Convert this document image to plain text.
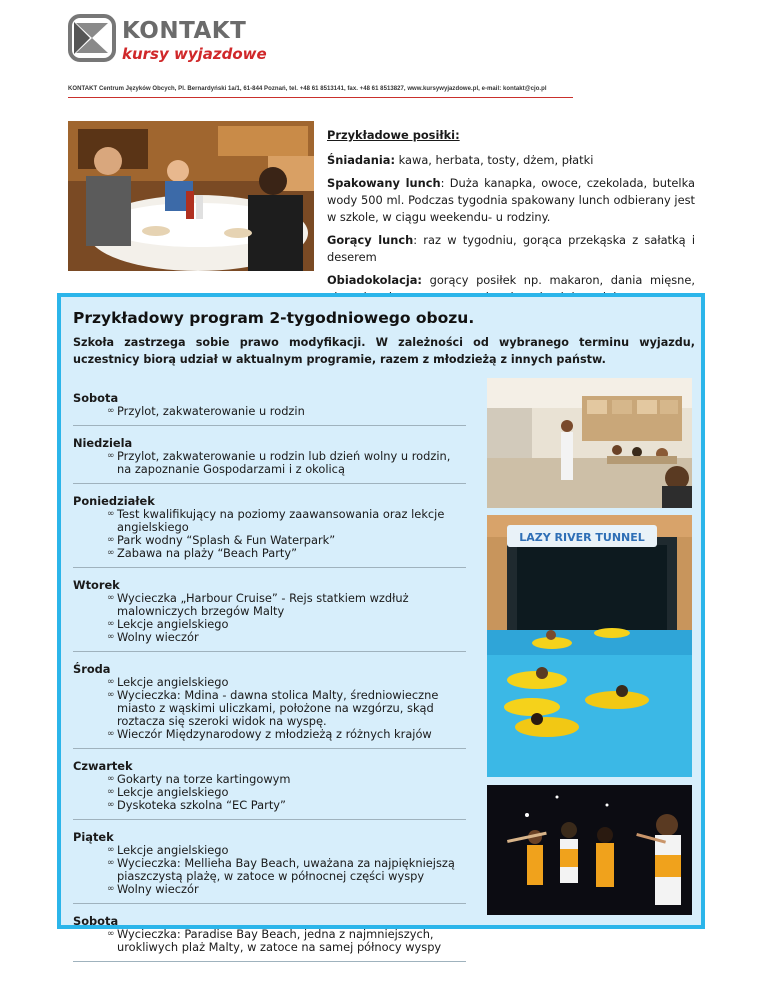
KONTAKT
kursy wyjazdowe
KONTAKT Centrum Języków Obcych, Pl. Bernardyński 1a/1, 61-844 Poznań, tel. +48 61 8513141, fax. +48 61 8513827, www.kursywyjazdowe.pl, e-mail: kontakt@cjo.pl
Przykładowe posiłki:
Śniadania: kawa, herbata, tosty, dżem, płatki
Spakowany lunch: Duża kanapka, owoce, czekolada, butelka wody 500 ml. Podczas tygodnia spakowany lunch odbierany jest w szkole, w ciągu weekendu- u rodziny.
Gorący lunch: raz w tygodniu, gorąca przekąska z sałatką i deserem
Obiadokolacja: gorący posiłek np. makaron, dania mięsne,
Przykładowy program 2-tygodniowego obozu.
Szkoła zastrzega sobie prawo modyfikacji. W zależności od wybranego terminu wyjazdu, uczestnicy biorą udział w aktualnym programie, razem z młodzieżą z innych państw.
Sobota
∞ Przylot, zakwaterowanie u rodzin
Niedziela
∞ Przylot, zakwaterowanie u rodzin lub dzień wolny u rodzin, na zapoznanie Gospodarzami i z okolicą
Poniedziałek
∞ Test kwalifikujący na poziomy zaawansowania oraz lekcje angielskiego
∞ Park wodny “Splash & Fun Waterpark”
∞ Zabawa na plaży “Beach Party”
Wtorek
∞ Wycieczka „Harbour Cruise” - Rejs statkiem wzdłuż malowniczych brzegów Malty
∞ Lekcje angielskiego
∞ Wolny wieczór
Środa
∞ Lekcje angielskiego
∞ Wycieczka: Mdina - dawna stolica Malty, średniowieczne miasto z wąskimi uliczkami, położone na wzgórzu, skąd roztacza się szeroki widok na wyspę.
∞ Wieczór Międzynarodowy z młodzieżą z różnych krajów
Czwartek
∞ Gokarty na torze kartingowym
∞ Lekcje angielskiego
∞ Dyskoteka szkolna “EC Party”
Piątek
∞ Lekcje angielskiego
∞ Wycieczka: Mellieha Bay Beach, uważana za najpiękniejszą piaszczystą plażę, w zatoce w północnej części wyspy
∞ Wolny wieczór
Sobota
∞ Wycieczka: Paradise Bay Beach, jedna z najmniejszych, urokliwych plaż Malty, w zatoce na samej północy wyspy
LAZY RIVER TUNNEL
